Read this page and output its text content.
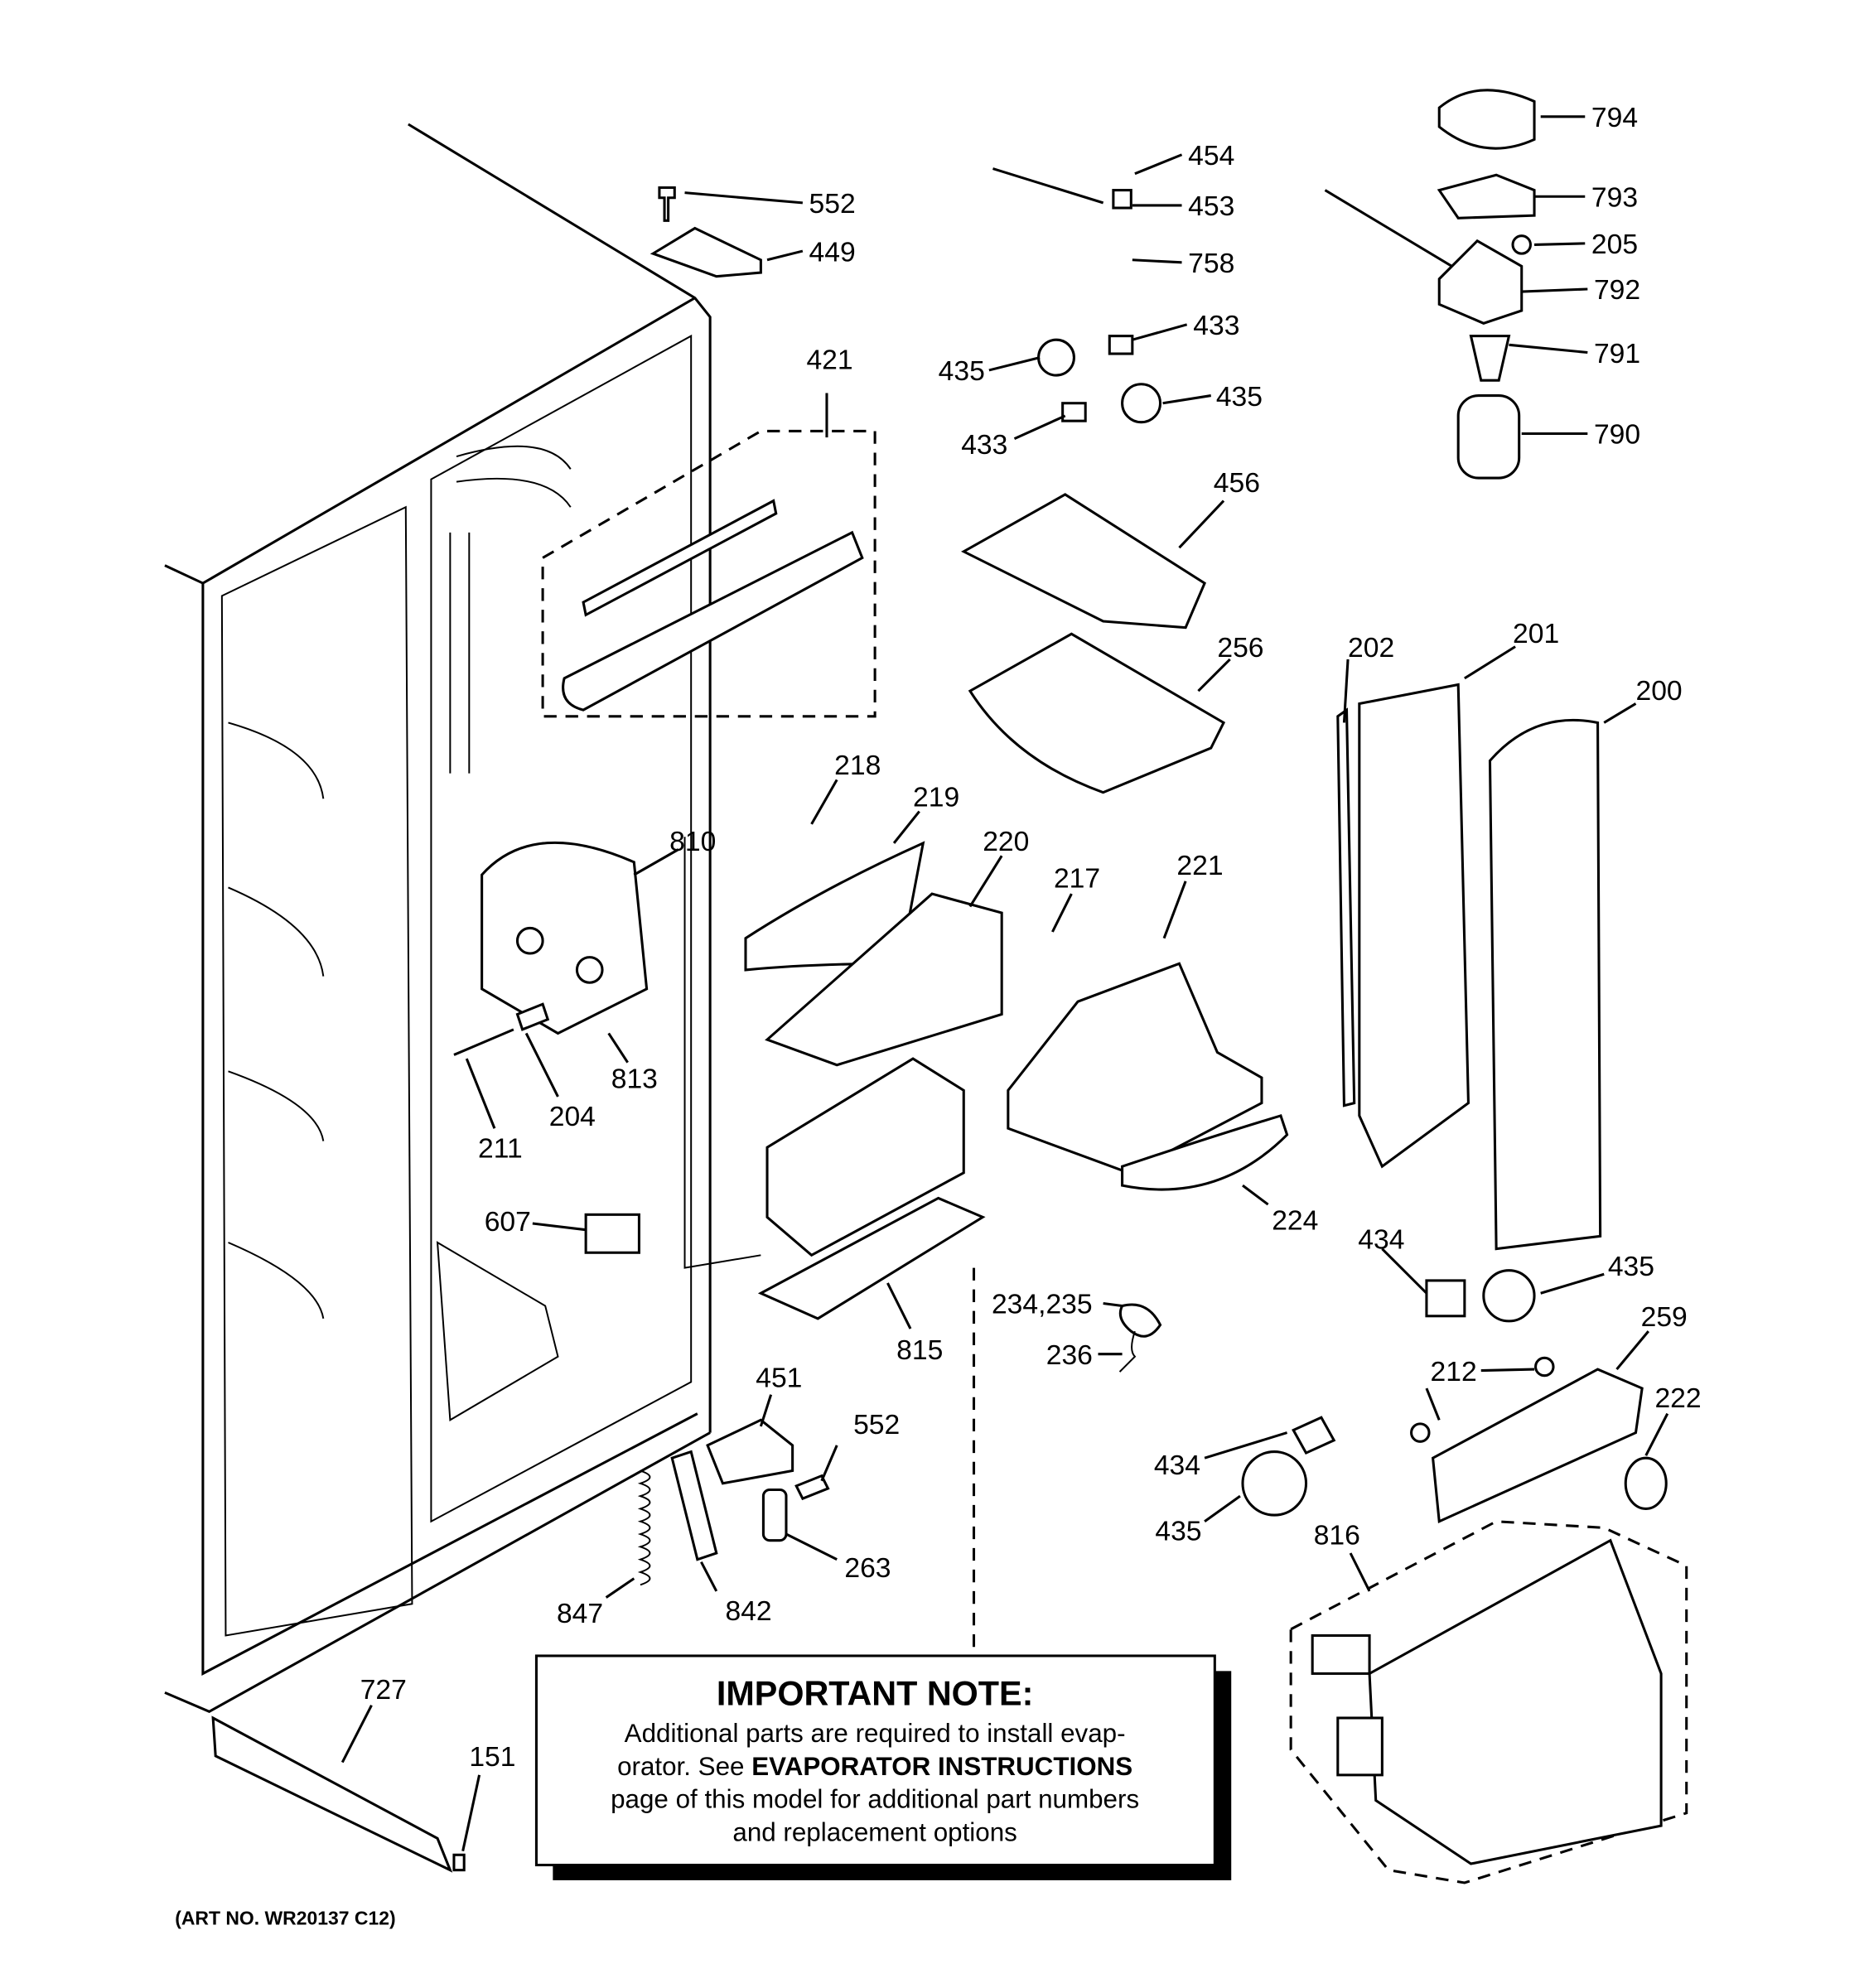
794
793
205
792
791
790
454
453
758
433
435
435
433
456
256
552
449
421
202	201
200
218
219
220
810
217	221
813
204
211
607
815
224
434
435
259
234,235
236
451
552
212
222
434
435	816
263
847	842
727
151
IMPORTANT NOTE:
Additional parts are required to install evap-
orator. See EVAPORATOR INSTRUCTIONS
page of this model for additional part numbers
and replacement options
(ART NO. WR20137 C12)
